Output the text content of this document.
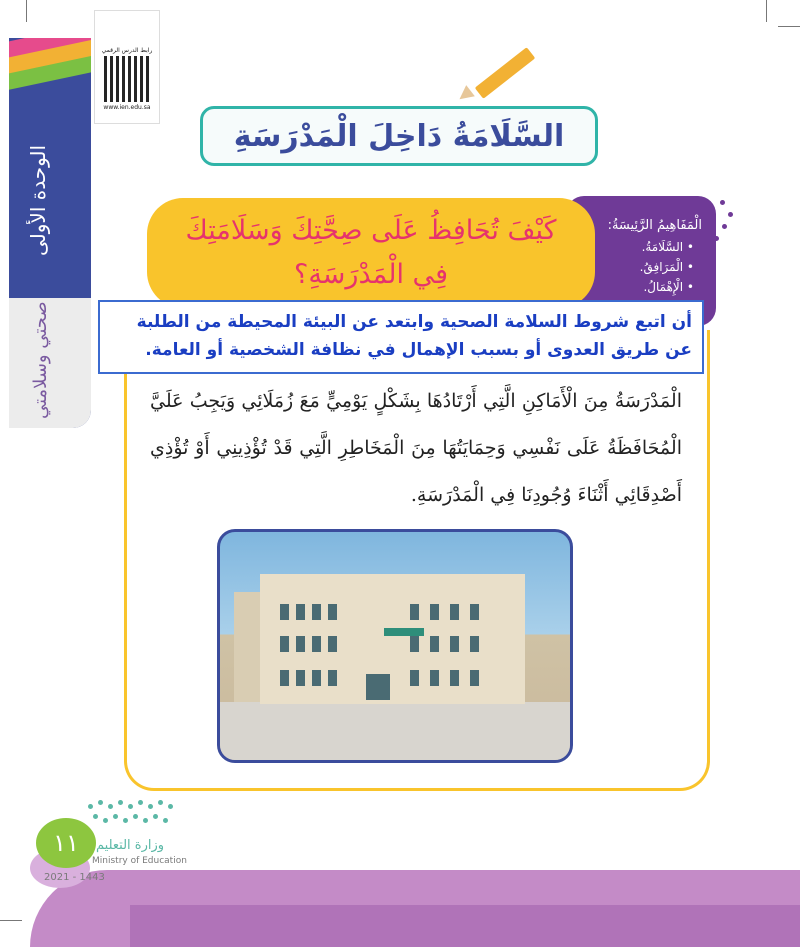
الوحدة الأولى
صحتي وسلامتي
رابط الدرس الرقمي
www.ien.edu.sa
السَّلَامَةُ دَاخِلَ الْمَدْرَسَةِ
الْمَفَاهِيمُ الرَّئِيسَةُ:
• السَّلَامَةُ.
• الْمَرَافِقُ.
• الْإِهْمَالُ.
كَيْفَ تُحَافِظُ عَلَى صِحَّتِكَ وَسَلَامَتِكَ فِي الْمَدْرَسَةِ؟
أن اتبع شروط السلامة الصحية وابتعد عن البيئة المحيطة من الطلبة عن طريق العدوى أو بسبب الإهمال في نظافة الشخصية أو العامة.
الْمَدْرَسَةُ مِنَ الْأَمَاكِنِ الَّتِي أَرْتَادُهَا بِشَكْلٍ يَوْمِيٍّ مَعَ زُمَلَائِي وَيَجِبُ عَلَيَّ الْمُحَافَظَةُ عَلَى نَفْسِي وَحِمَايَتُهَا مِنَ الْمَخَاطِرِ الَّتِي قَدْ تُؤْذِينِي أَوْ تُؤْذِي أَصْدِقَائِي أَثْنَاءَ وُجُودِنَا فِي الْمَدْرَسَةِ.
١١ وزارة التعليم
Ministry of Education
2021 - 1443
